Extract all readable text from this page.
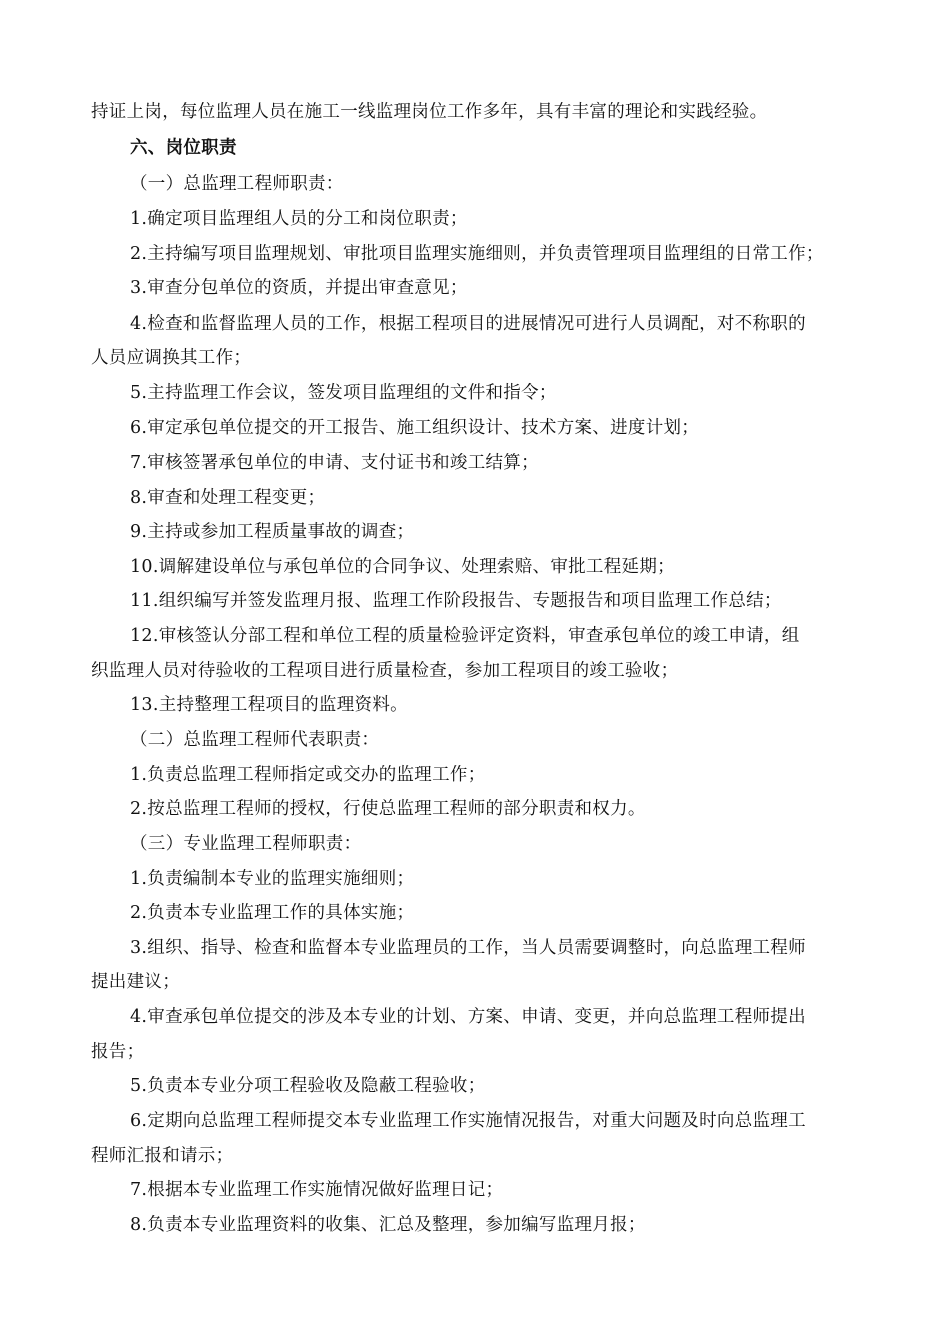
持证上岗，每位监理人员在施工一线监理岗位工作多年，具有丰富的理论和实践经验。
六、岗位职责
（一）总监理工程师职责：
1.确定项目监理组人员的分工和岗位职责；
2.主持编写项目监理规划、审批项目监理实施细则，并负责管理项目监理组的日常工作；
3.审查分包单位的资质，并提出审查意见；
4.检查和监督监理人员的工作，根据工程项目的进展情况可进行人员调配，对不称职的
人员应调换其工作；
5.主持监理工作会议，签发项目监理组的文件和指令；
6.审定承包单位提交的开工报告、施工组织设计、技术方案、进度计划；
7.审核签署承包单位的申请、支付证书和竣工结算；
8.审查和处理工程变更；
9.主持或参加工程质量事故的调查；
10.调解建设单位与承包单位的合同争议、处理索赔、审批工程延期；
11.组织编写并签发监理月报、监理工作阶段报告、专题报告和项目监理工作总结；
12.审核签认分部工程和单位工程的质量检验评定资料，审查承包单位的竣工申请，组
织监理人员对待验收的工程项目进行质量检查，参加工程项目的竣工验收；
13.主持整理工程项目的监理资料。
（二）总监理工程师代表职责：
1.负责总监理工程师指定或交办的监理工作；
2.按总监理工程师的授权，行使总监理工程师的部分职责和权力。
（三）专业监理工程师职责：
1.负责编制本专业的监理实施细则；
2.负责本专业监理工作的具体实施；
3.组织、指导、检查和监督本专业监理员的工作，当人员需要调整时，向总监理工程师
提出建议；
4.审查承包单位提交的涉及本专业的计划、方案、申请、变更，并向总监理工程师提出
报告；
5.负责本专业分项工程验收及隐蔽工程验收；
6.定期向总监理工程师提交本专业监理工作实施情况报告，对重大问题及时向总监理工
程师汇报和请示；
7.根据本专业监理工作实施情况做好监理日记；
8.负责本专业监理资料的收集、汇总及整理，参加编写监理月报；
